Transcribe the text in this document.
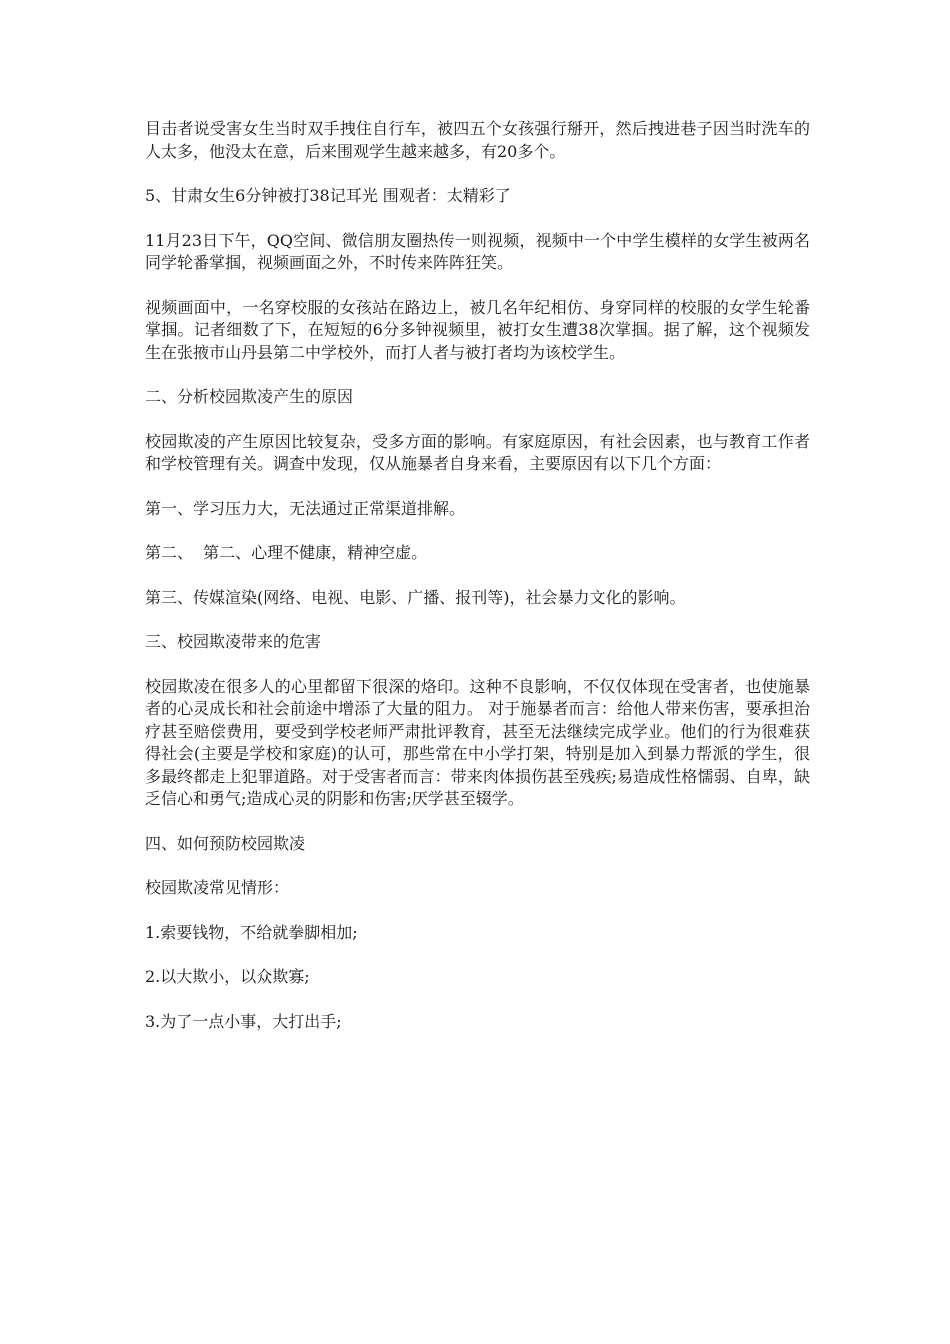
目击者说受害女生当时双手拽住自行车，被四五个女孩强行掰开，然后拽进巷子因当时洗车的人太多，他没太在意，后来围观学生越来越多，有20多个。

5、甘肃女生6分钟被打38记耳光 围观者：太精彩了

11月23日下午，QQ空间、微信朋友圈热传一则视频，视频中一个中学生模样的女学生被两名同学轮番掌掴，视频画面之外，不时传来阵阵狂笑。

视频画面中，一名穿校服的女孩站在路边上，被几名年纪相仿、身穿同样的校服的女学生轮番掌掴。记者细数了下，在短短的6分多钟视频里，被打女生遭38次掌掴。据了解，这个视频发生在张掖市山丹县第二中学校外，而打人者与被打者均为该校学生。

二、分析校园欺凌产生的原因

校园欺凌的产生原因比较复杂，受多方面的影响。有家庭原因，有社会因素，也与教育工作者和学校管理有关。调查中发现，仅从施暴者自身来看，主要原因有以下几个方面：

第一、学习压力大，无法通过正常渠道排解。

第二、  第二、心理不健康，精神空虚。

第三、传媒渲染(网络、电视、电影、广播、报刊等)，社会暴力文化的影响。

三、校园欺凌带来的危害

校园欺凌在很多人的心里都留下很深的烙印。这种不良影响，不仅仅体现在受害者，也使施暴者的心灵成长和社会前途中增添了大量的阻力。 对于施暴者而言：给他人带来伤害，要承担治疗甚至赔偿费用，要受到学校老师严肃批评教育，甚至无法继续完成学业。他们的行为很难获得社会(主要是学校和家庭)的认可，那些常在中小学打架，特别是加入到暴力帮派的学生，很多最终都走上犯罪道路。对于受害者而言：带来肉体损伤甚至残疾;易造成性格懦弱、自卑，缺乏信心和勇气;造成心灵的阴影和伤害;厌学甚至辍学。

四、如何预防校园欺凌

校园欺凌常见情形：

1.索要钱物，不给就拳脚相加;

2.以大欺小，以众欺寡;

3.为了一点小事，大打出手;
